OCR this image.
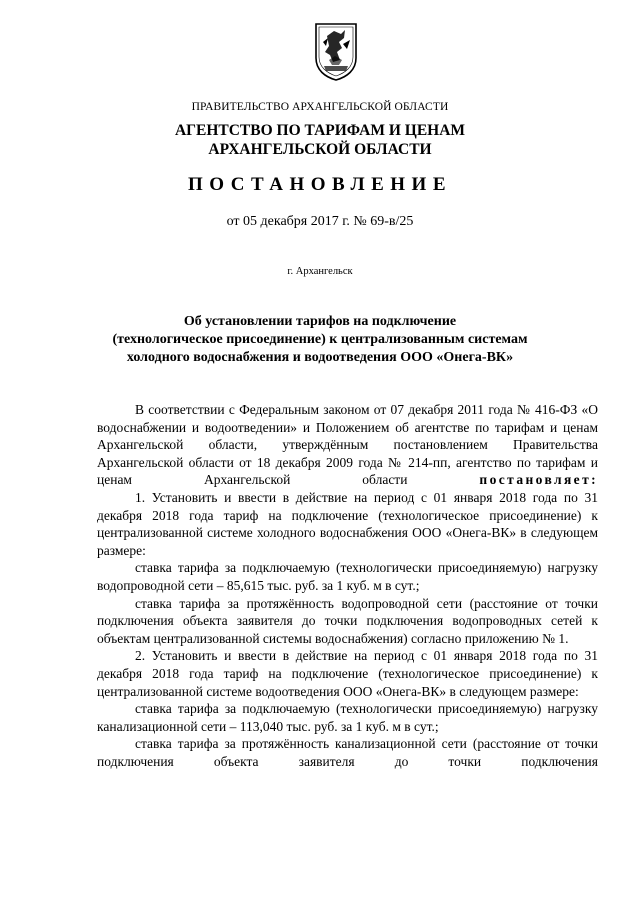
ПРАВИТЕЛЬСТВО АРХАНГЕЛЬСКОЙ ОБЛАСТИ
АГЕНТСТВО ПО ТАРИФАМ И ЦЕНАМ
АРХАНГЕЛЬСКОЙ ОБЛАСТИ
ПОСТАНОВЛЕНИЕ
от 05 декабря 2017 г. № 69-в/25
г. Архангельск
Об установлении тарифов на подключение
(технологическое присоединение) к централизованным системам
холодного водоснабжения и водоотведения ООО «Онега-ВК»

В соответствии с Федеральным законом от 07 декабря 2011 года № 416-ФЗ «О водоснабжении и водоотведении» и Положением об агентстве по тарифам и ценам Архангельской области, утверждённым постановлением Правительства Архангельской области от 18 декабря 2009 года № 214-пп, агентство по тарифам и ценам Архангельской области постановляет:

1. Установить и ввести в действие на период с 01 января 2018 года по 31 декабря 2018 года тариф на подключение (технологическое присоединение) к централизованной системе холодного водоснабжения ООО «Онега-ВК» в следующем размере:

ставка тарифа за подключаемую (технологически присоединяемую) нагрузку водопроводной сети – 85,615 тыс. руб. за 1 куб. м в сут.;

ставка тарифа за протяжённость водопроводной сети (расстояние от точки подключения объекта заявителя до точки подключения водопроводных сетей к объектам централизованной системы водоснабжения) согласно приложению № 1.

2. Установить и ввести в действие на период с 01 января 2018 года по 31 декабря 2018 года тариф на подключение (технологическое присоединение) к централизованной системе водоотведения ООО «Онега-ВК» в следующем размере:

ставка тарифа за подключаемую (технологически присоединяемую) нагрузку канализационной сети – 113,040 тыс. руб. за 1 куб. м в сут.;

ставка тарифа за протяжённость канализационной сети (расстояние от точки подключения объекта заявителя до точки подключения
